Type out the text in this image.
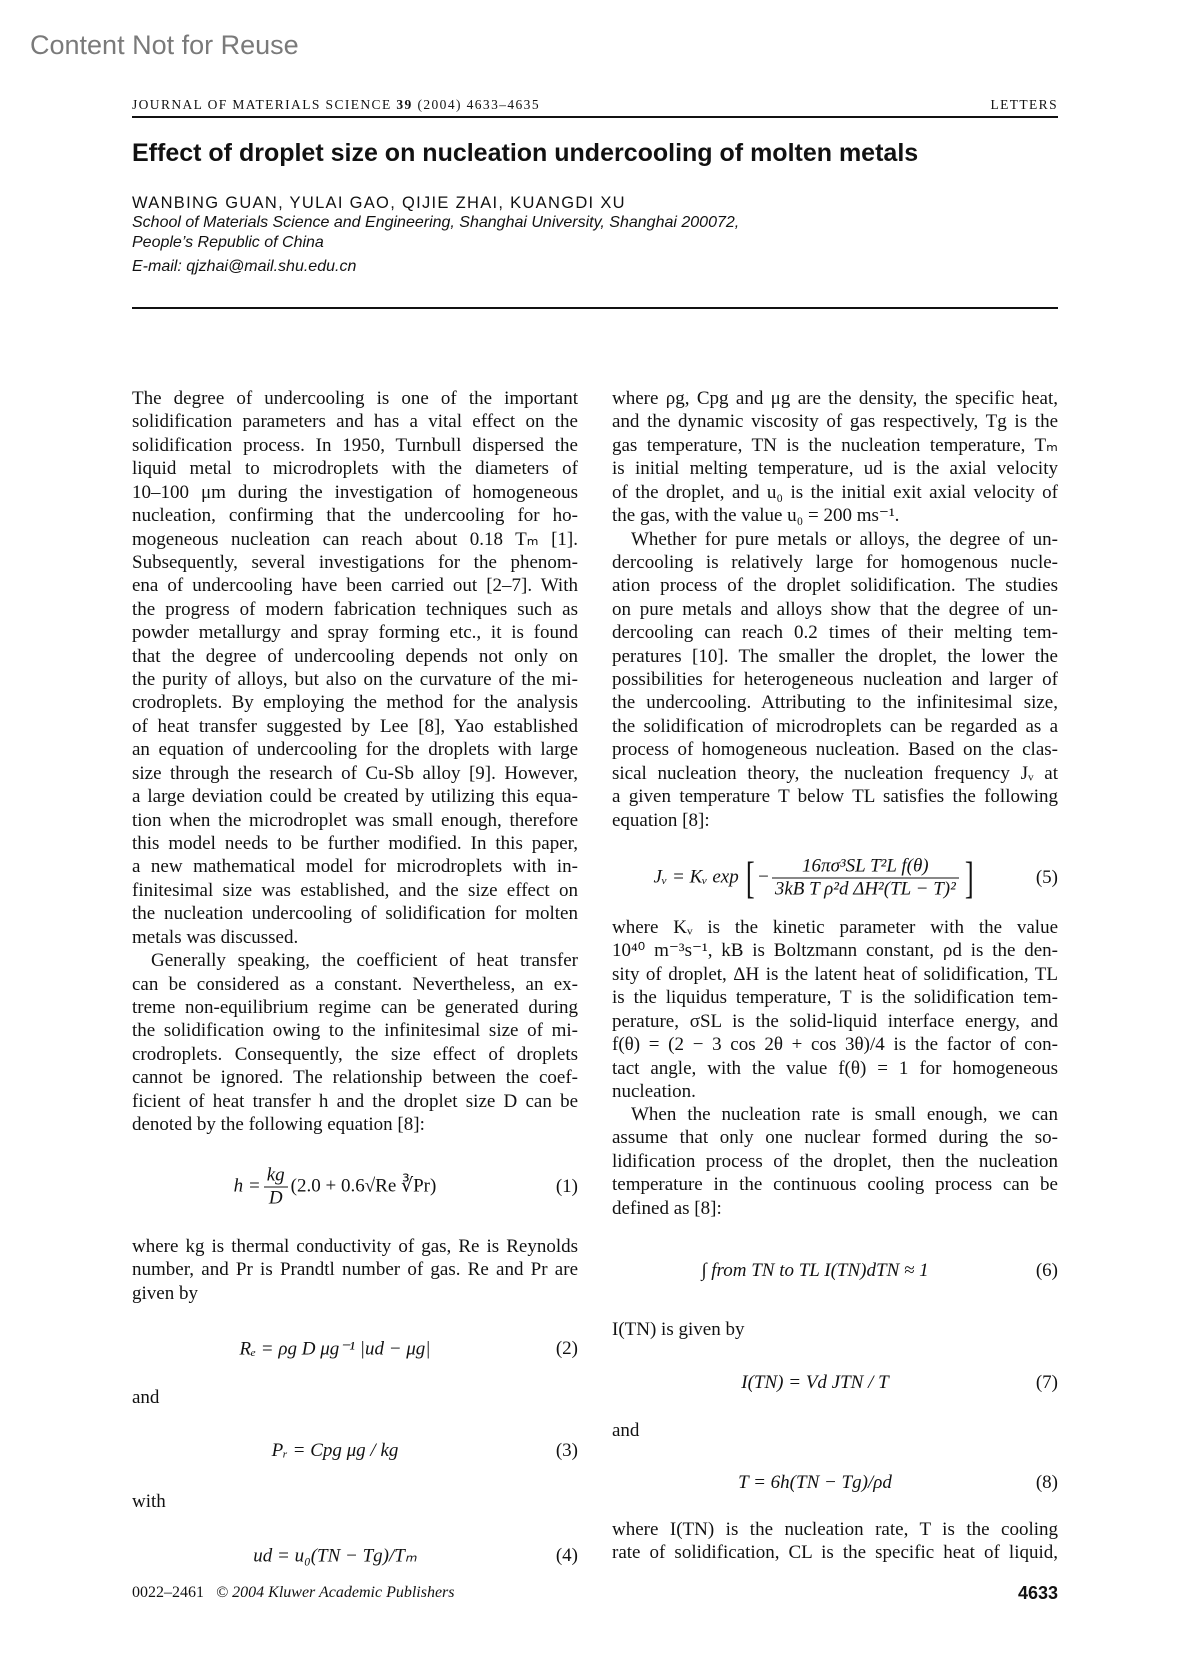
Content Not for Reuse
JOURNAL OF MATERIALS SCIENCE 39 (2004) 4633–4635	LETTERS
Effect of droplet size on nucleation undercooling of molten metals
WANBING GUAN, YULAI GAO, QIJIE ZHAI, KUANGDI XU
School of Materials Science and Engineering, Shanghai University, Shanghai 200072,
People’s Republic of China
E-mail: qjzhai@mail.shu.edu.cn
The degree of undercooling is one of the important
solidification parameters and has a vital effect on the
solidification process. In 1950, Turnbull dispersed the
liquid metal to microdroplets with the diameters of
10–100 μm during the investigation of homogeneous
nucleation, confirming that the undercooling for ho-
mogeneous nucleation can reach about 0.18 Tₘ [1].
Subsequently, several investigations for the phenom-
ena of undercooling have been carried out [2–7]. With
the progress of modern fabrication techniques such as
powder metallurgy and spray forming etc., it is found
that the degree of undercooling depends not only on
the purity of alloys, but also on the curvature of the mi-
crodroplets. By employing the method for the analysis
of heat transfer suggested by Lee [8], Yao established
an equation of undercooling for the droplets with large
size through the research of Cu-Sb alloy [9]. However,
a large deviation could be created by utilizing this equa-
tion when the microdroplet was small enough, therefore
this model needs to be further modified. In this paper,
a new mathematical model for microdroplets with in-
finitesimal size was established, and the size effect on
the nucleation undercooling of solidification for molten
metals was discussed.
Generally speaking, the coefficient of heat transfer
can be considered as a constant. Nevertheless, an ex-
treme non-equilibrium regime can be generated during
the solidification owing to the infinitesimal size of mi-
crodroplets. Consequently, the size effect of droplets
cannot be ignored. The relationship between the coef-
ficient of heat transfer h and the droplet size D can be
denoted by the following equation [8]:
$h = \frac{kg}{D} (2.0 + 0.6√Re$ ∛Pr)	(1)
where kg is thermal conductivity of gas, Re is Reynolds
number, and Pr is Prandtl number of gas. Re and Pr are
given by
Rₑ = ρg D μg⁻¹ |ud − μg|	(2)
and
Pᵣ = Cpg μg / kg	(3)
with
ud = u₀(TN − Tg)/Tₘ	(4)
where ρg, Cpg and μg are the density, the specific heat,
and the dynamic viscosity of gas respectively, Tg is the
gas temperature, TN is the nucleation temperature, Tₘ
is initial melting temperature, ud is the axial velocity
of the droplet, and u₀ is the initial exit axial velocity of
the gas, with the value u₀ = 200 ms⁻¹.
Whether for pure metals or alloys, the degree of un-
dercooling is relatively large for homogenous nucle-
ation process of the droplet solidification. The studies
on pure metals and alloys show that the degree of un-
dercooling can reach 0.2 times of their melting tem-
peratures [10]. The smaller the droplet, the lower the
possibilities for heterogeneous nucleation and larger of
the undercooling. Attributing to the infinitesimal size,
the solidification of microdroplets can be regarded as a
process of homogeneous nucleation. Based on the clas-
sical nucleation theory, the nucleation frequency Jᵥ at
a given temperature T below TL satisfies the following
equation [8]:
Jᵥ = Kᵥ exp [ − $\frac{\text{16πσ³SL T²L f(θ)}}{\text{3kB T ρ²d ΔH²(TL − T)²}}$ ]	(5)
where Kᵥ is the kinetic parameter with the value
10⁴⁰ m⁻³s⁻¹, kB is Boltzmann constant, ρd is the den-
sity of droplet, ΔH is the latent heat of solidification, TL
is the liquidus temperature, T is the solidification tem-
perature, σSL is the solid-liquid interface energy, and
f(θ) = (2 − 3 cos 2θ + cos 3θ)/4 is the factor of con-
tact angle, with the value f(θ) = 1 for homogeneous
nucleation.
When the nucleation rate is small enough, we can
assume that only one nuclear formed during the so-
lidification process of the droplet, then the nucleation
temperature in the continuous cooling process can be
defined as [8]:
∫ from TN to TL I(TN)dTN ≈ 1	(6)
I(TN) is given by
I(TN) = Vd JTN / T	(7)
and
T = 6h(TN − Tg)/ρd	(8)
where I(TN) is the nucleation rate, T is the cooling
rate of solidification, CL is the specific heat of liquid,
0022–2461 © 2004 Kluwer Academic Publishers	4633
